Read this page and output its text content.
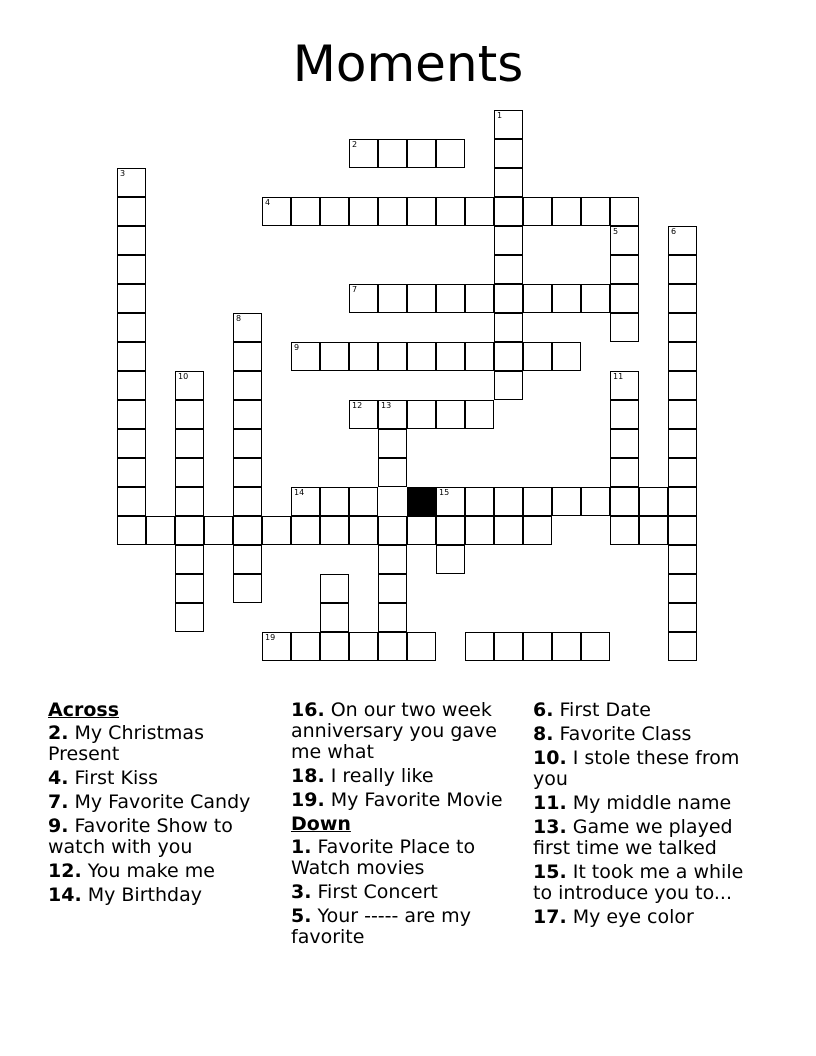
Moments
1
2
3
4
5	6
7
8
9
10	11
12 13
14	15
19
Across
2. My Christmas Present
4. First Kiss
7. My Favorite Candy
9. Favorite Show to watch with you
12. You make me
14. My Birthday
16. On our two week anniversary you gave me what
18. I really like
19. My Favorite Movie
Down
1. Favorite Place to Watch movies
3. First Concert
5. Your ----- are my favorite
6. First Date
8. Favorite Class
10. I stole these from you
11. My middle name
13. Game we played first time we talked
15. It took me a while to introduce you to...
17. My eye color
